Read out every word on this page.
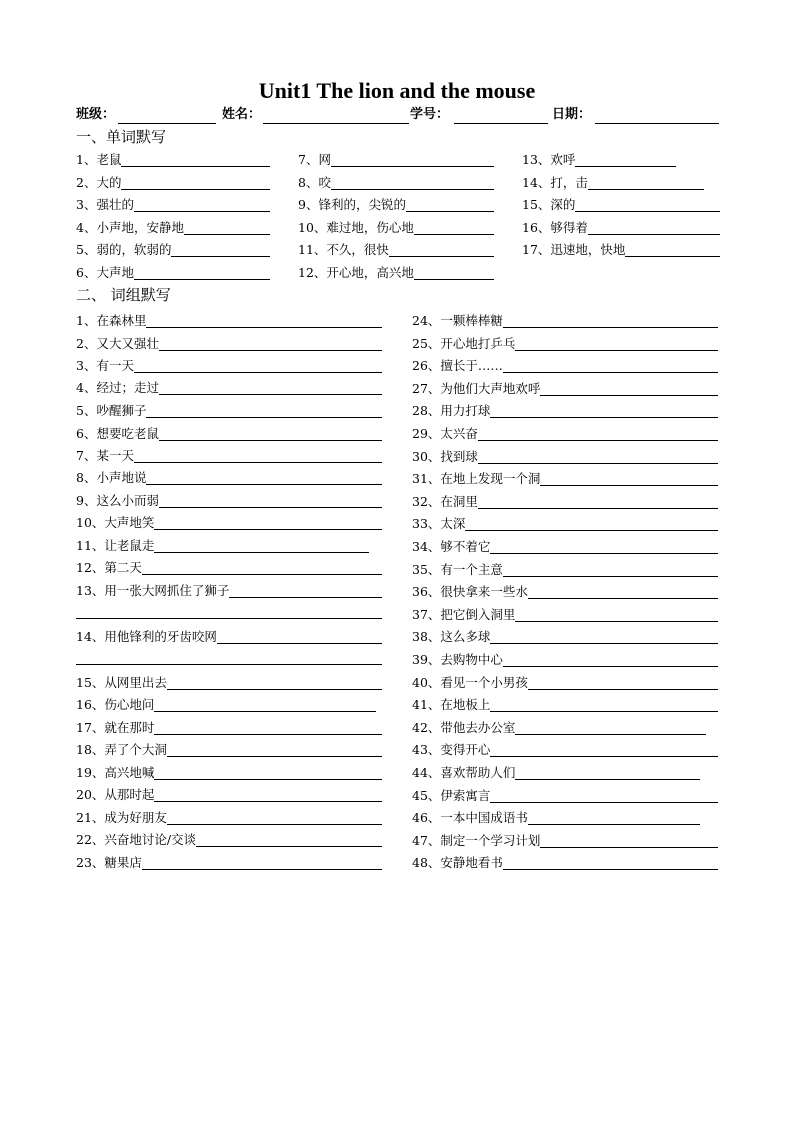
Unit1 The lion and the mouse
班级：	姓名：	学号：	日期：
一、单词默写
1、老鼠
2、大的
3、强壮的
4、小声地，安静地
5、弱的，软弱的
6、大声地
7、网
8、咬
9、锋利的，尖锐的
10、难过地，伤心地
11、不久，很快
12、开心地，高兴地
13、欢呼
14、打，击
15、深的
16、够得着
17、迅速地，快地
二、 词组默写
1、在森林里
2、又大又强壮
3、有一天
4、经过；走过
5、吵醒狮子
6、想要吃老鼠
7、某一天
8、小声地说
9、这么小而弱
10、大声地笑
11、让老鼠走
12、第二天
13、用一张大网抓住了狮子
14、用他锋利的牙齿咬网
15、从网里出去
16、伤心地问
17、就在那时
18、弄了个大洞
19、高兴地喊
20、从那时起
21、成为好朋友
22、兴奋地讨论/交谈
23、糖果店
24、一颗棒棒糖
25、开心地打乒乓
26、擅长于……
27、为他们大声地欢呼
28、用力打球
29、太兴奋
30、找到球
31、在地上发现一个洞
32、在洞里
33、太深
34、够不着它
35、有一个主意
36、很快拿来一些水
37、把它倒入洞里
38、这么多球
39、去购物中心
40、看见一个小男孩
41、在地板上
42、带他去办公室
43、变得开心
44、喜欢帮助人们
45、伊索寓言
46、一本中国成语书
47、制定一个学习计划
48、安静地看书
